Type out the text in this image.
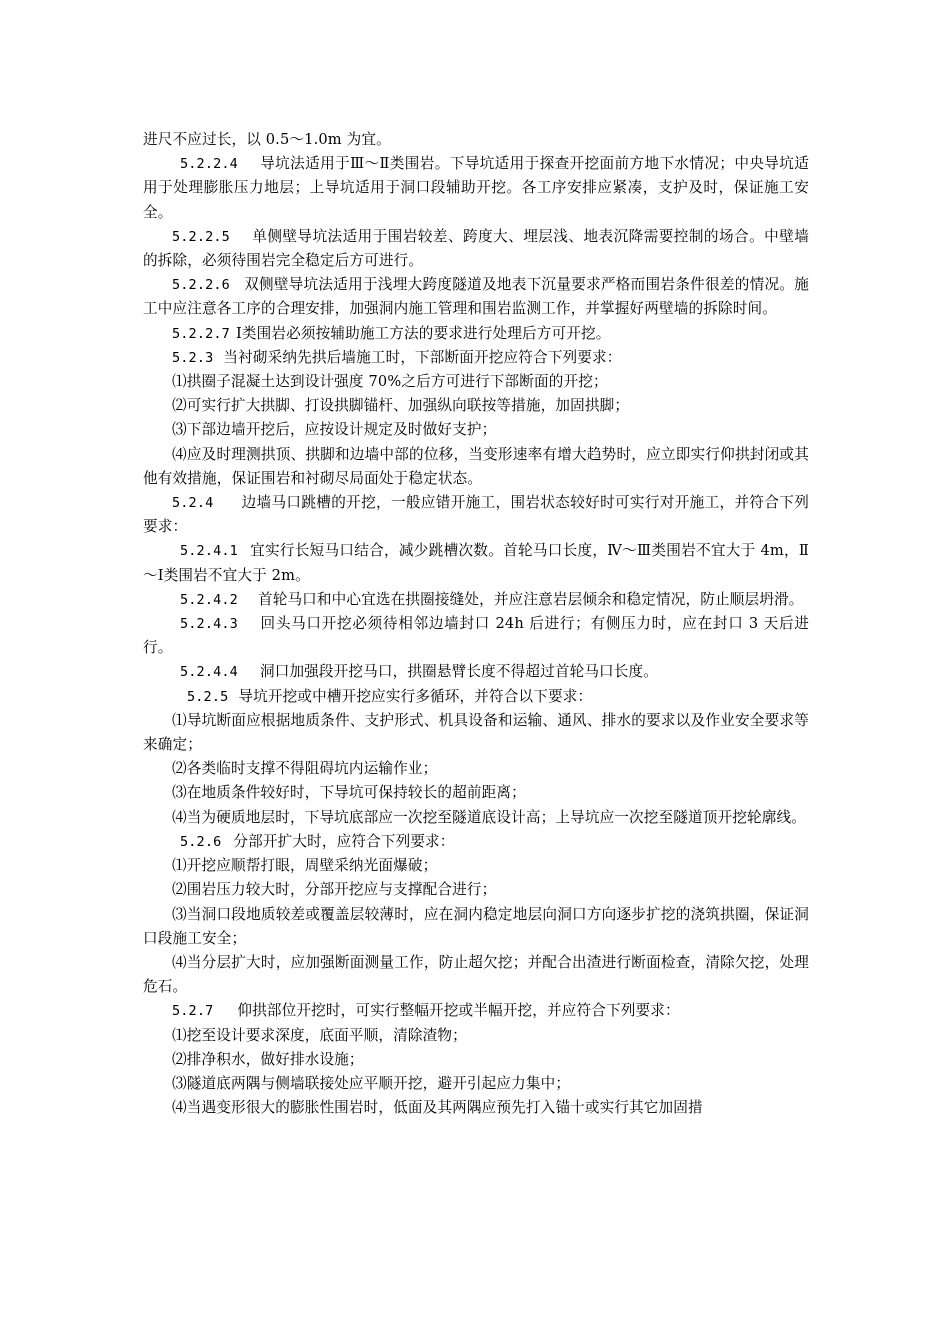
进尺不应过长，以 0.5～1.0m 为宜。

5.2.2.4 导坑法适用于Ⅲ～Ⅱ类围岩。下导坑适用于探查开挖面前方地下水情况；中央导坑适用于处理膨胀压力地层；上导坑适用于洞口段辅助开挖。各工序安排应紧凑，支护及时，保证施工安全。

5.2.2.5 单侧壁导坑法适用于围岩较差、跨度大、埋层浅、地表沉降需要控制的场合。中壁墙的拆除，必须待围岩完全稳定后方可进行。

5.2.2.6 双侧壁导坑法适用于浅埋大跨度隧道及地表下沉量要求严格而围岩条件很差的情况。施工中应注意各工序的合理安排，加强洞内施工管理和围岩监测工作，并掌握好两壁墙的拆除时间。

5.2.2.7 Ⅰ类围岩必须按辅助施工方法的要求进行处理后方可开挖。

5.2.3 当衬砌采纳先拱后墙施工时，下部断面开挖应符合下列要求：

⑴拱圈子混凝土达到设计强度 70%之后方可进行下部断面的开挖；

⑵可实行扩大拱脚、打设拱脚锚杆、加强纵向联按等措施，加固拱脚；

⑶下部边墙开挖后，应按设计规定及时做好支护；

⑷应及时理测拱顶、拱脚和边墙中部的位移，当变形速率有增大趋势时，应立即实行仰拱封闭或其他有效措施，保证围岩和衬砌尽局面处于稳定状态。

5.2.4 边墙马口跳槽的开挖，一般应错开施工，围岩状态较好时可实行对开施工，并符合下列要求：

5.2.4.1 宜实行长短马口结合，减少跳槽次数。首轮马口长度，Ⅳ～Ⅲ类围岩不宜大于 4m，Ⅱ～Ⅰ类围岩不宜大于 2m。

5.2.4.2 首轮马口和中心宜选在拱圈接缝处，并应注意岩层倾余和稳定情况，防止顺层坍滑。

5.2.4.3 回头马口开挖必须待相邻边墙封口 24h 后进行；有侧压力时，应在封口 3 天后进行。

5.2.4.4 洞口加强段开挖马口，拱圈悬臂长度不得超过首轮马口长度。

5.2.5 导坑开挖或中槽开挖应实行多循环，并符合以下要求：

⑴导坑断面应根据地质条件、支护形式、机具设备和运输、通风、排水的要求以及作业安全要求等来确定；

⑵各类临时支撑不得阻碍坑内运输作业；

⑶在地质条件较好时，下导坑可保持较长的超前距离；

⑷当为硬质地层时，下导坑底部应一次挖至隧道底设计高；上导坑应一次挖至隧道顶开挖轮廓线。

5.2.6 分部开扩大时，应符合下列要求：

⑴开挖应顺帮打眼，周壁采纳光面爆破；

⑵围岩压力较大时，分部开挖应与支撑配合进行；

⑶当洞口段地质较差或覆盖层较薄时，应在洞内稳定地层向洞口方向逐步扩挖的浇筑拱圈，保证洞口段施工安全；

⑷当分层扩大时，应加强断面测量工作，防止超欠挖；并配合出渣进行断面检查，清除欠挖，处理危石。

5.2.7 仰拱部位开挖时，可实行整幅开挖或半幅开挖，并应符合下列要求：

⑴挖至设计要求深度，底面平顺，清除渣物；

⑵排净积水，做好排水设施；

⑶隧道底两隅与侧墙联接处应平顺开挖，避开引起应力集中；

⑷当遇变形很大的膨胀性围岩时，低面及其两隅应预先打入锚十或实行其它加固措
